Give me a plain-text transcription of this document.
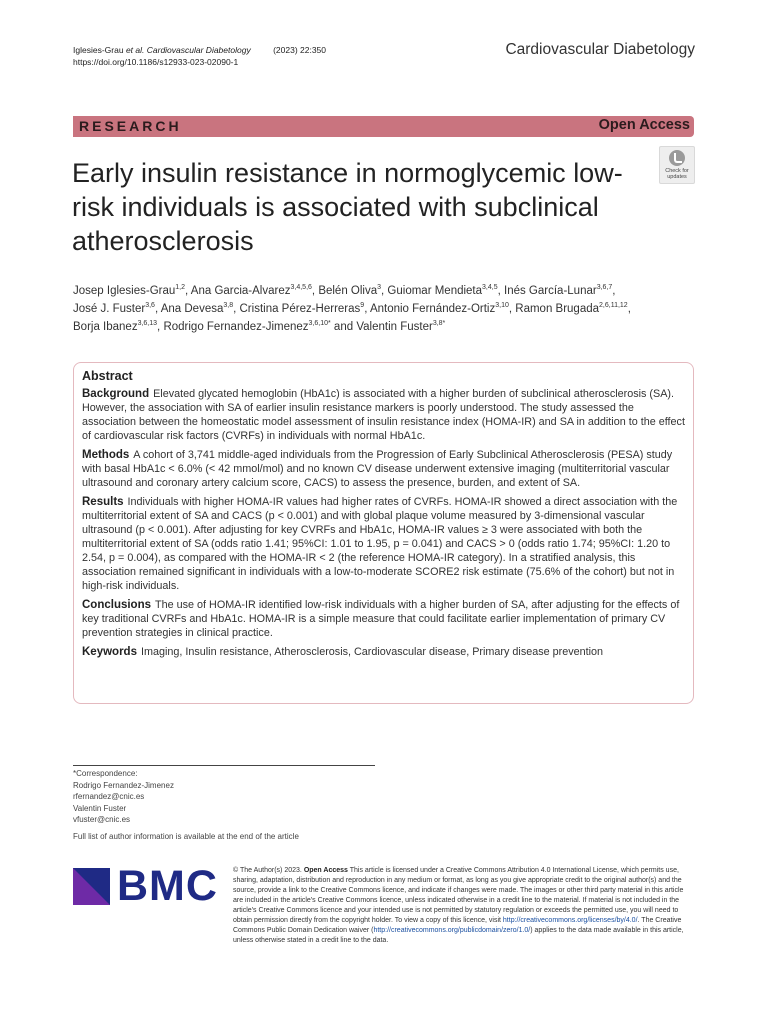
Iglesies-Grau et al. Cardiovascular Diabetology	(2023) 22:350
https://doi.org/10.1186/s12933-023-02090-1
Cardiovascular Diabetology
RESEARCH	Open Access
Check for updates
Early insulin resistance in normoglycemic low-risk individuals is associated with subclinical atherosclerosis
Josep Iglesies-Grau$^{1,2}$, Ana Garcia-Alvarez$^{3,4,5,6}$, Belén Oliva$^3$, Guiomar Mendieta$^{3,4,5}$, Inés García-Lunar$^{3,6,7}$,
José J. Fuster$^{3,6}$, Ana Devesa$^{3,8}$, Cristina Pérez-Herreras$^9$, Antonio Fernández-Ortiz$^{3,10}$, Ramon Brugada$^{2,6,11,12}$,
Borja Ibanez$^{3,6,13}$, Rodrigo Fernandez-Jimenez$^{3,6,10*}$ and Valentin Fuster$^{3,8*}$
Abstract
Background Elevated glycated hemoglobin (HbA1c) is associated with a higher burden of subclinical atherosclerosis (SA). However, the association with SA of earlier insulin resistance markers is poorly understood. The study assessed the association between the homeostatic model assessment of insulin resistance index (HOMA-IR) and SA in addition to the effect of cardiovascular risk factors (CVRFs) in individuals with normal HbA1c.
Methods A cohort of 3,741 middle-aged individuals from the Progression of Early Subclinical Atherosclerosis (PESA) study with basal HbA1c < 6.0% (< 42 mmol/mol) and no known CV disease underwent extensive imaging (multiterritorial vascular ultrasound and coronary artery calcium score, CACS) to assess the presence, burden, and extent of SA.
Results Individuals with higher HOMA-IR values had higher rates of CVRFs. HOMA-IR showed a direct association with the multiterritorial extent of SA and CACS (p < 0.001) and with global plaque volume measured by 3-dimensional vascular ultrasound (p < 0.001). After adjusting for key CVRFs and HbA1c, HOMA-IR values ≥ 3 were associated with both the multiterritorial extent of SA (odds ratio 1.41; 95%CI: 1.01 to 1.95, p = 0.041) and CACS > 0 (odds ratio 1.74; 95%CI: 1.20 to 2.54, p = 0.004), as compared with the HOMA-IR < 2 (the reference HOMA-IR category). In a stratified analysis, this association remained significant in individuals with a low-to-moderate SCORE2 risk estimate (75.6% of the cohort) but not in high-risk individuals.
Conclusions The use of HOMA-IR identified low-risk individuals with a higher burden of SA, after adjusting for the effects of key traditional CVRFs and HbA1c. HOMA-IR is a simple measure that could facilitate earlier implementation of primary CV prevention strategies in clinical practice.
Keywords Imaging, Insulin resistance, Atherosclerosis, Cardiovascular disease, Primary disease prevention
*Correspondence:
Rodrigo Fernandez-Jimenez
rfernandez@cnic.es
Valentin Fuster
vfuster@cnic.es
Full list of author information is available at the end of the article
BMC © The Author(s) 2023. Open Access This article is licensed under a Creative Commons Attribution 4.0 International License, which permits use, sharing, adaptation, distribution and reproduction in any medium or format, as long as you give appropriate credit to the original author(s) and the source, provide a link to the Creative Commons licence, and indicate if changes were made. The images or other third party material in this article are included in the article's Creative Commons licence, unless indicated otherwise in a credit line to the material. If material is not included in the article's Creative Commons licence and your intended use is not permitted by statutory regulation or exceeds the permitted use, you will need to obtain permission directly from the copyright holder. To view a copy of this licence, visit http://creativecommons.org/licenses/by/4.0/. The Creative Commons Public Domain Dedication waiver (http://creativecommons.org/publicdomain/zero/1.0/) applies to the data made available in this article, unless otherwise stated in a credit line to the data.
